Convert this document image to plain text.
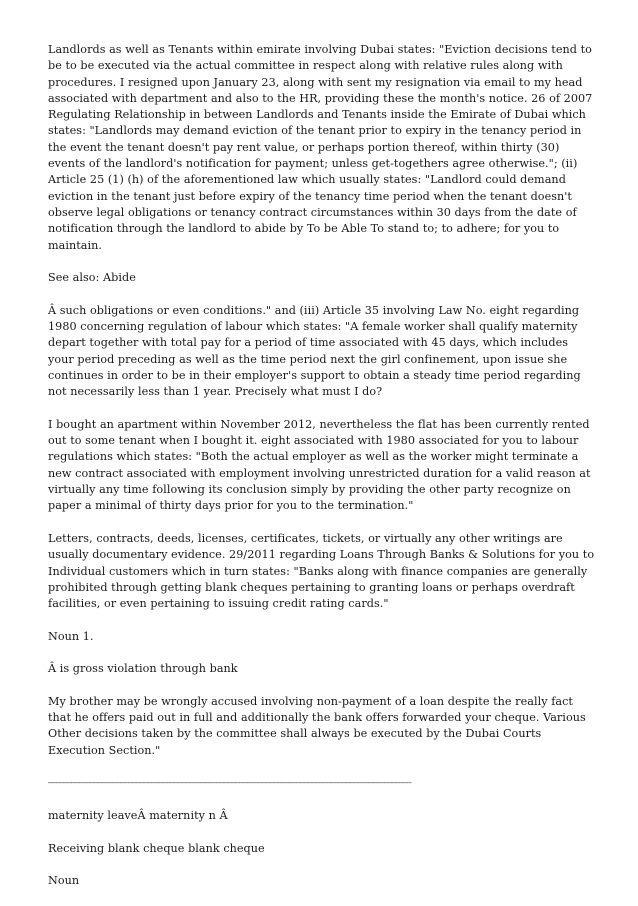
Landlords as well as Tenants within emirate involving Dubai states: "Eviction decisions tend to be to be executed via the actual committee in respect along with relative rules along with procedures. I resigned upon January 23, along with sent my resignation via email to my head associated with department and also to the HR, providing these the month's notice. 26 of 2007 Regulating Relationship in between Landlords and Tenants inside the Emirate of Dubai which states: "Landlords may demand eviction of the tenant prior to expiry in the tenancy period in the event the tenant doesn't pay rent value, or perhaps portion thereof, within thirty (30) events of the landlord's notification for payment; unless get-togethers agree otherwise."; (ii) Article 25 (1) (h) of the aforementioned law which usually states: "Landlord could demand eviction in the tenant just before expiry of the tenancy time period when the tenant doesn't observe legal obligations or tenancy contract circumstances within 30 days from the date of notification through the landlord to abide by To be Able To stand to; to adhere; for you to maintain.

See also: Abide

Â such obligations or even conditions." and (iii) Article 35 involving Law No. eight regarding 1980 concerning regulation of labour which states: "A female worker shall qualify maternity depart together with total pay for a period of time associated with 45 days, which includes your period preceding as well as the time period next the girl confinement, upon issue she continues in order to be in their employer's support to obtain a steady time period regarding not necessarily less than 1 year. Precisely what must I do?

I bought an apartment within November 2012, nevertheless the flat has been currently rented out to some tenant when I bought it. eight associated with 1980 associated for you to labour regulations which states: "Both the actual employer as well as the worker might terminate a new contract associated with employment involving unrestricted duration for a valid reason at virtually any time following its conclusion simply by providing the other party recognize on paper a minimal of thirty days prior for you to the termination."

Letters, contracts, deeds, licenses, certificates, tickets, or virtually any other writings are usually documentary evidence. 29/2011 regarding Loans Through Banks & Solutions for you to Individual customers which in turn states: "Banks along with finance companies are generally prohibited through getting blank cheques pertaining to granting loans or perhaps overdraft facilities, or even pertaining to issuing credit rating cards."

Noun 1.

Â is gross violation through bank

My brother may be wrongly accused involving non-payment of a loan despite the really fact that he offers paid out in full and additionally the bank offers forwarded your cheque. Various Other decisions taken by the committee shall always be executed by the Dubai Courts Execution Section."

———————————————————————————————————————————————————————————————————————————————————————————————

maternity leaveÂ maternity n Â

Receiving blank cheque blank cheque

Noun
